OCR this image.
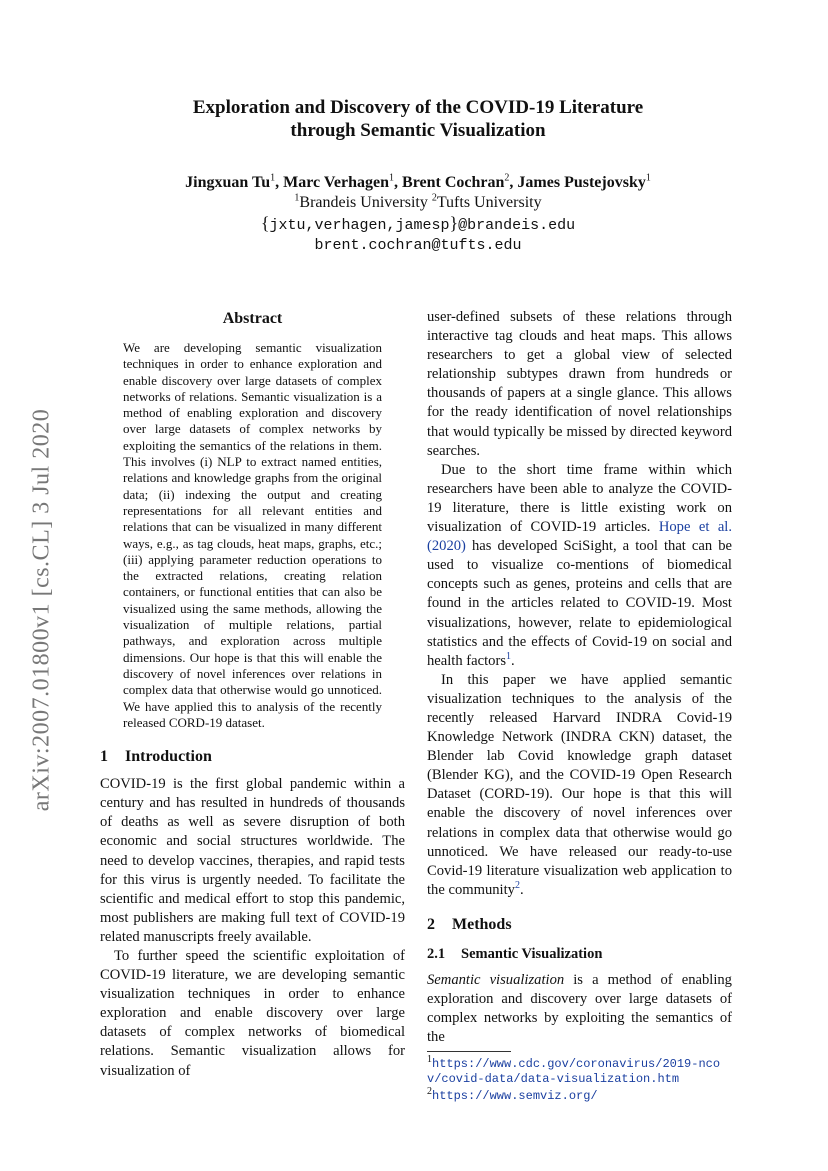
arXiv:2007.01800v1 [cs.CL] 3 Jul 2020
Exploration and Discovery of the COVID-19 Literature
through Semantic Visualization
Jingxuan Tu$^1$, Marc Verhagen$^1$, Brent Cochran$^2$, James Pustejovsky$^1$
$^1$Brandeis University $^2$Tufts University
{jxtu,verhagen,jamesp}@brandeis.edu
brent.cochran@tufts.edu
Abstract

We are developing semantic visualization techniques in order to enhance exploration and enable discovery over large datasets of complex networks of relations. Semantic visualization is a method of enabling exploration and discovery over large datasets of complex networks by exploiting the semantics of the relations in them. This involves (i) NLP to extract named entities, relations and knowledge graphs from the original data; (ii) indexing the output and creating representations for all relevant entities and relations that can be visualized in many different ways, e.g., as tag clouds, heat maps, graphs, etc.; (iii) applying parameter reduction operations to the extracted relations, creating relation containers, or functional entities that can also be visualized using the same methods, allowing the visualization of multiple relations, partial pathways, and exploration across multiple dimensions. Our hope is that this will enable the discovery of novel inferences over relations in complex data that otherwise would go unnoticed. We have applied this to analysis of the recently released CORD-19 dataset.

1 Introduction

COVID-19 is the first global pandemic within a century and has resulted in hundreds of thousands of deaths as well as severe disruption of both economic and social structures worldwide. The need to develop vaccines, therapies, and rapid tests for this virus is urgently needed. To facilitate the scientific and medical effort to stop this pandemic, most publishers are making full text of COVID-19 related manuscripts freely available.

To further speed the scientific exploitation of COVID-19 literature, we are developing semantic visualization techniques in order to enhance exploration and enable discovery over large datasets of complex networks of biomedical relations. Semantic visualization allows for visualization of

user-defined subsets of these relations through interactive tag clouds and heat maps. This allows researchers to get a global view of selected relationship subtypes drawn from hundreds or thousands of papers at a single glance. This allows for the ready identification of novel relationships that would typically be missed by directed keyword searches.

Due to the short time frame within which researchers have been able to analyze the COVID-19 literature, there is little existing work on visualization of COVID-19 articles. Hope et al. (2020) has developed SciSight, a tool that can be used to visualize co-mentions of biomedical concepts such as genes, proteins and cells that are found in the articles related to COVID-19. Most visualizations, however, relate to epidemiological statistics and the effects of Covid-19 on social and health factors$^1$.

In this paper we have applied semantic visualization techniques to the analysis of the recently released Harvard INDRA Covid-19 Knowledge Network (INDRA CKN) dataset, the Blender lab Covid knowledge graph dataset (Blender KG), and the COVID-19 Open Research Dataset (CORD-19). Our hope is that this will enable the discovery of novel inferences over relations in complex data that otherwise would go unnoticed. We have released our ready-to-use Covid-19 literature visualization web application to the community$^2$.

2 Methods
2.1 Semantic Visualization

Semantic visualization is a method of enabling exploration and discovery over large datasets of complex networks by exploiting the semantics of the

$^1$https://www.cdc.gov/coronavirus/2019-ncov/covid-data/data-visualization.htm

$^2$https://www.semviz.org/
